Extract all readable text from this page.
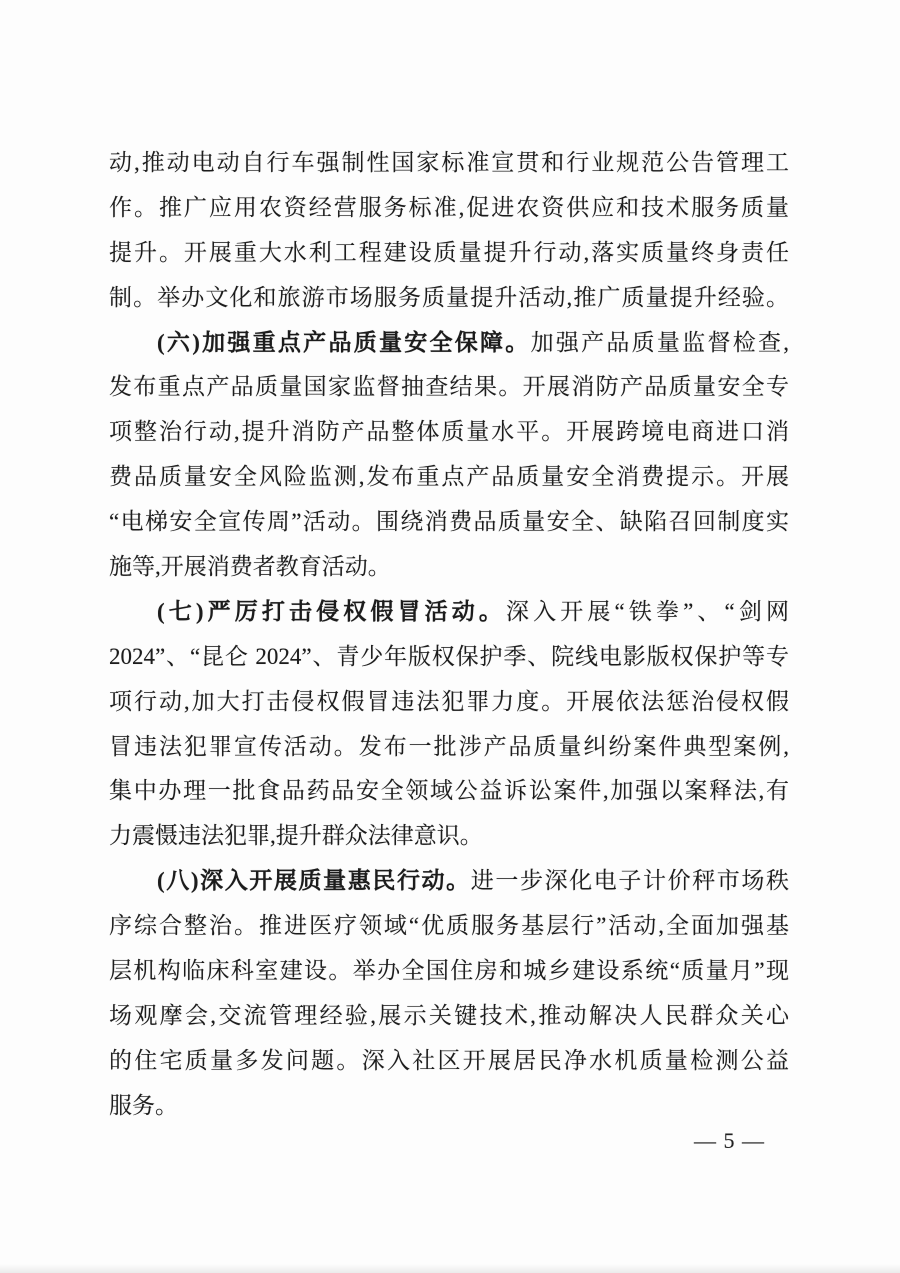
动,推动电动自行车强制性国家标准宣贯和行业规范公告管理工
作。推广应用农资经营服务标准,促进农资供应和技术服务质量
提升。开展重大水利工程建设质量提升行动,落实质量终身责任
制。举办文化和旅游市场服务质量提升活动,推广质量提升经验。
(六)加强重点产品质量安全保障。加强产品质量监督检查,
发布重点产品质量国家监督抽查结果。开展消防产品质量安全专
项整治行动,提升消防产品整体质量水平。开展跨境电商进口消
费品质量安全风险监测,发布重点产品质量安全消费提示。开展
“电梯安全宣传周”活动。围绕消费品质量安全、缺陷召回制度实
施等,开展消费者教育活动。
(七)严厉打击侵权假冒活动。深入开展“铁拳”、“剑网
2024”、“昆仑 2024”、青少年版权保护季、院线电影版权保护等专
项行动,加大打击侵权假冒违法犯罪力度。开展依法惩治侵权假
冒违法犯罪宣传活动。发布一批涉产品质量纠纷案件典型案例,
集中办理一批食品药品安全领域公益诉讼案件,加强以案释法,有
力震慑违法犯罪,提升群众法律意识。
(八)深入开展质量惠民行动。进一步深化电子计价秤市场秩
序综合整治。推进医疗领域“优质服务基层行”活动,全面加强基
层机构临床科室建设。举办全国住房和城乡建设系统“质量月”现
场观摩会,交流管理经验,展示关键技术,推动解决人民群众关心
的住宅质量多发问题。深入社区开展居民净水机质量检测公益
服务。
— 5 —
